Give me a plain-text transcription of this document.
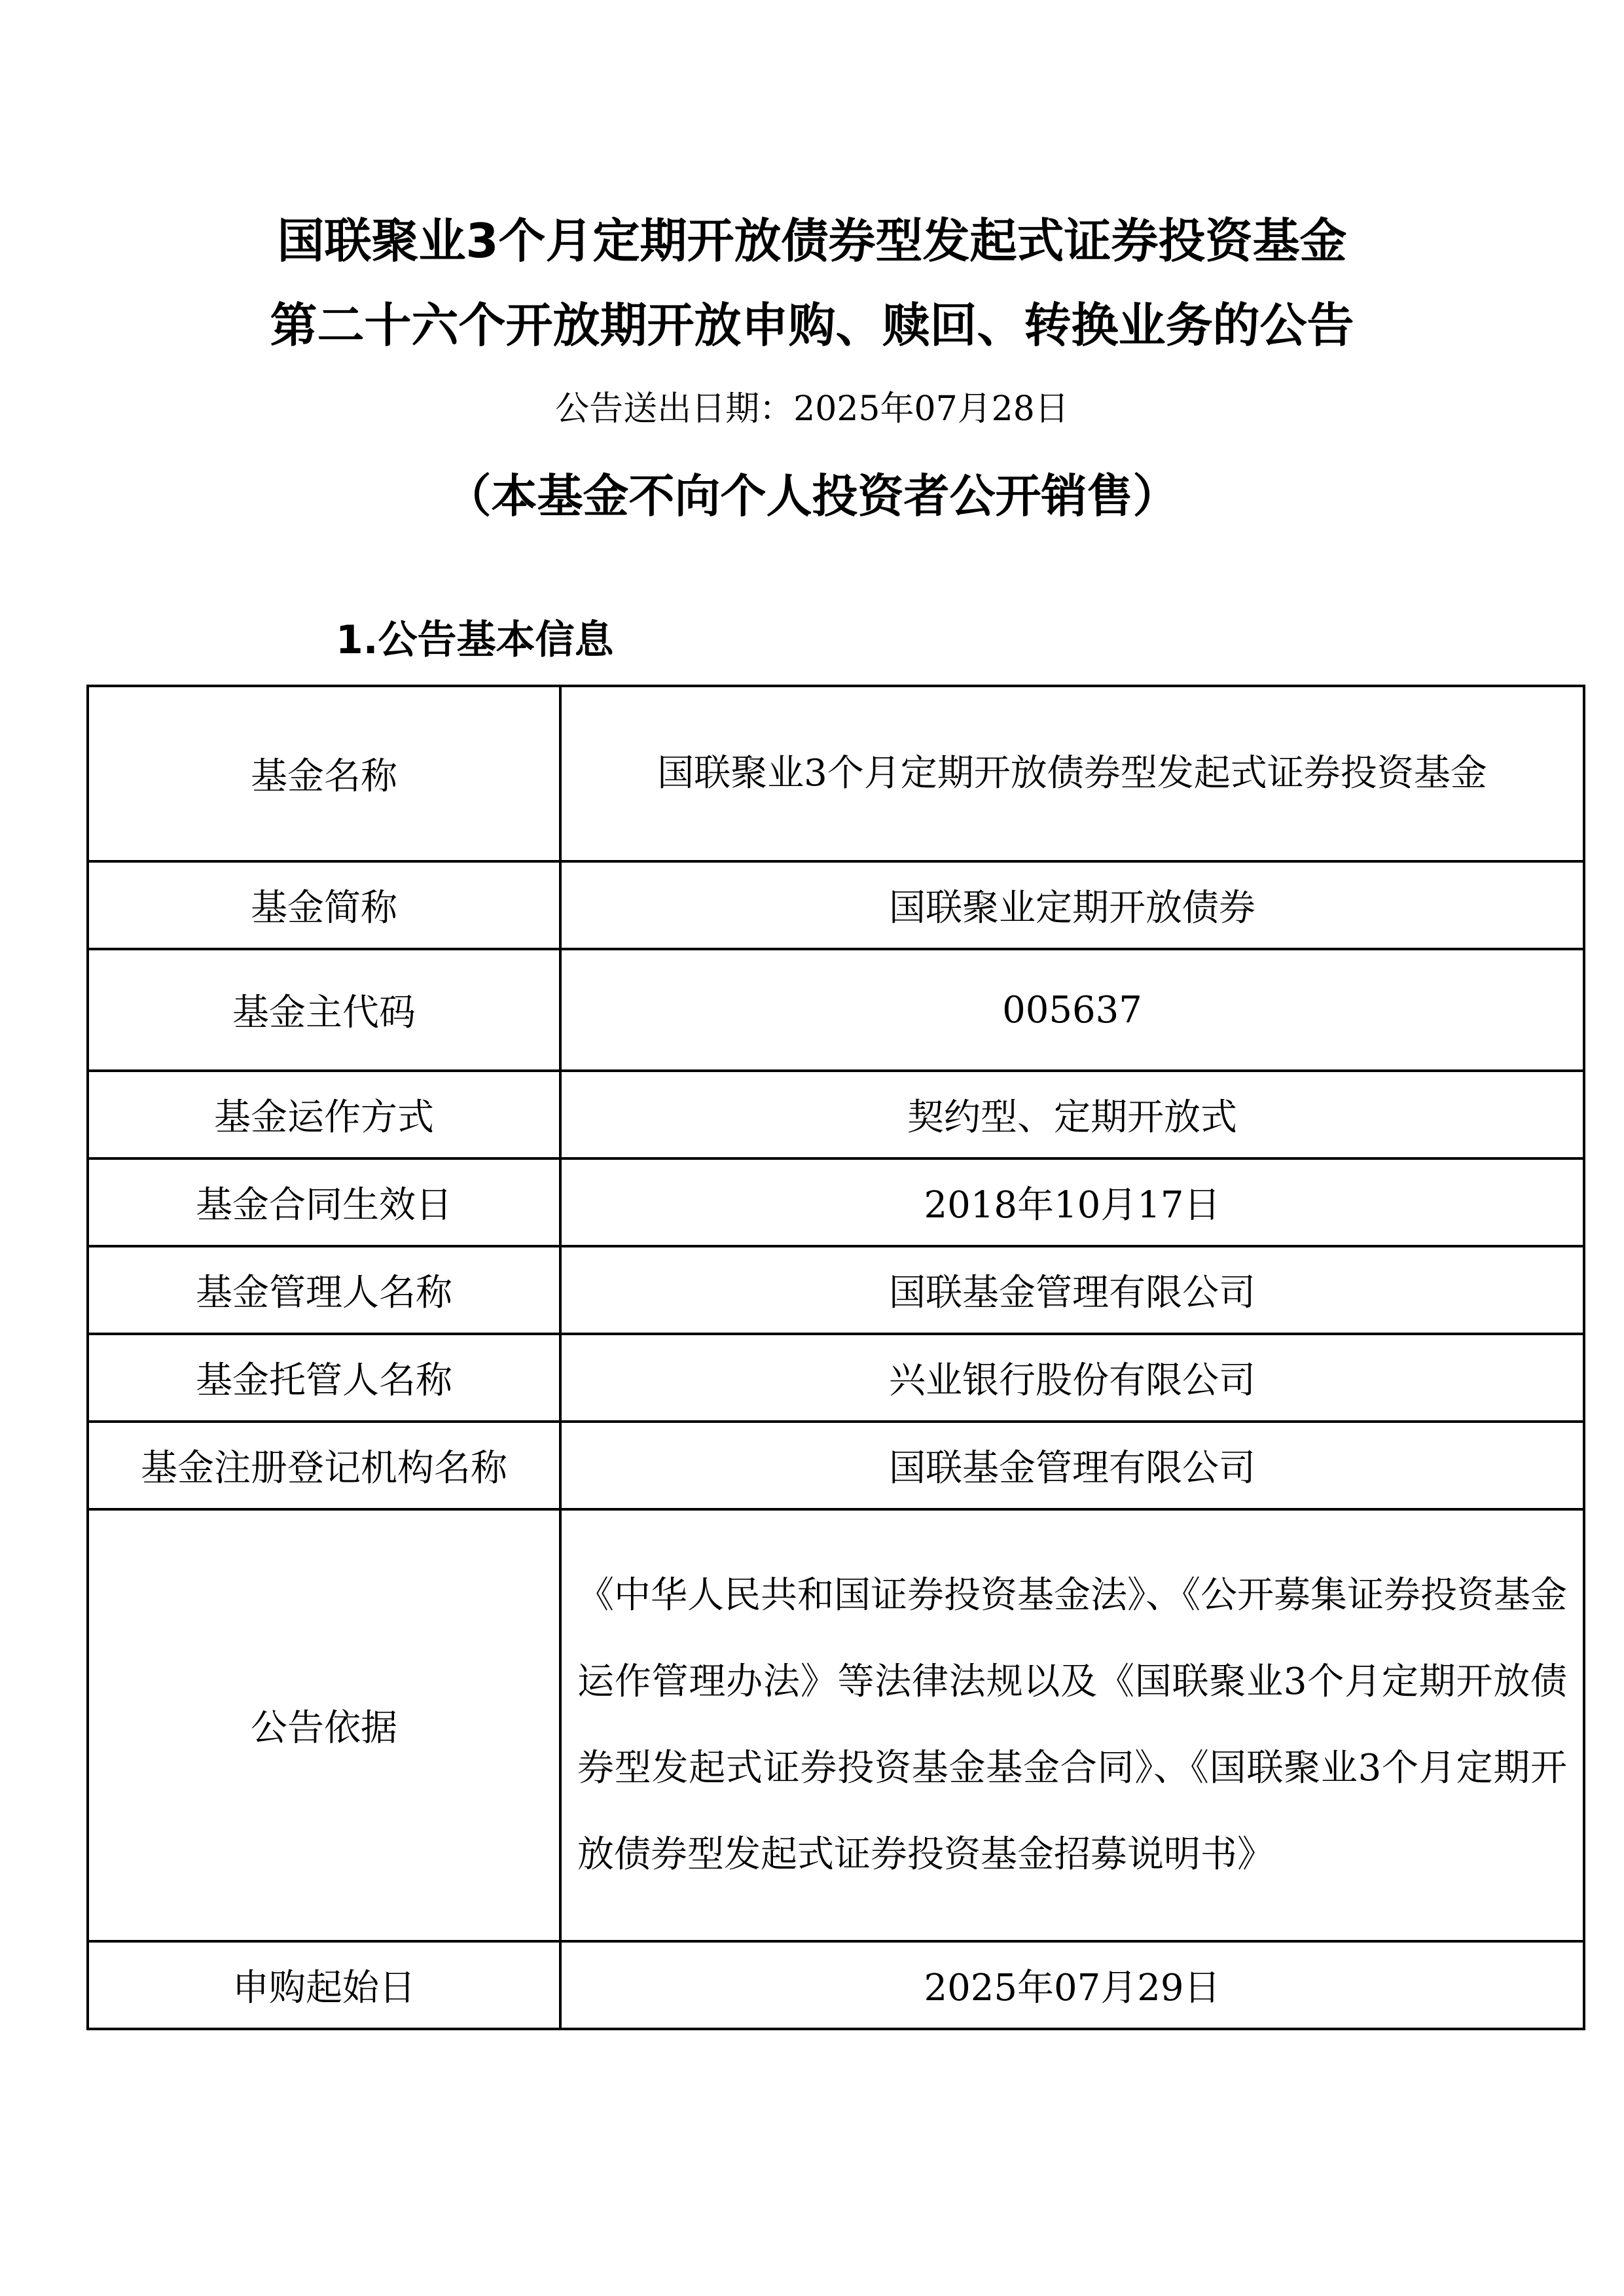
国联聚业3个月定期开放债券型发起式证券投资基金
第二十六个开放期开放申购、赎回、转换业务的公告
公告送出日期：2025年07月28日
（本基金不向个人投资者公开销售）
1.公告基本信息
基金名称	国联聚业3个月定期开放债券型发起式证券投资基金
基金简称	国联聚业定期开放债券
基金主代码	005637
基金运作方式	契约型、定期开放式
基金合同生效日	2018年10月17日
基金管理人名称	国联基金管理有限公司
基金托管人名称	兴业银行股份有限公司
基金注册登记机构名称	国联基金管理有限公司
公告依据	《中华人民共和国证券投资基金法》、《公开募集证券投资基金运作管理办法》等法律法规以及《国联聚业3个月定期开放债券型发起式证券投资基金基金合同》、《国联聚业3个月定期开放债券型发起式证券投资基金招募说明书》
申购起始日	2025年07月29日
